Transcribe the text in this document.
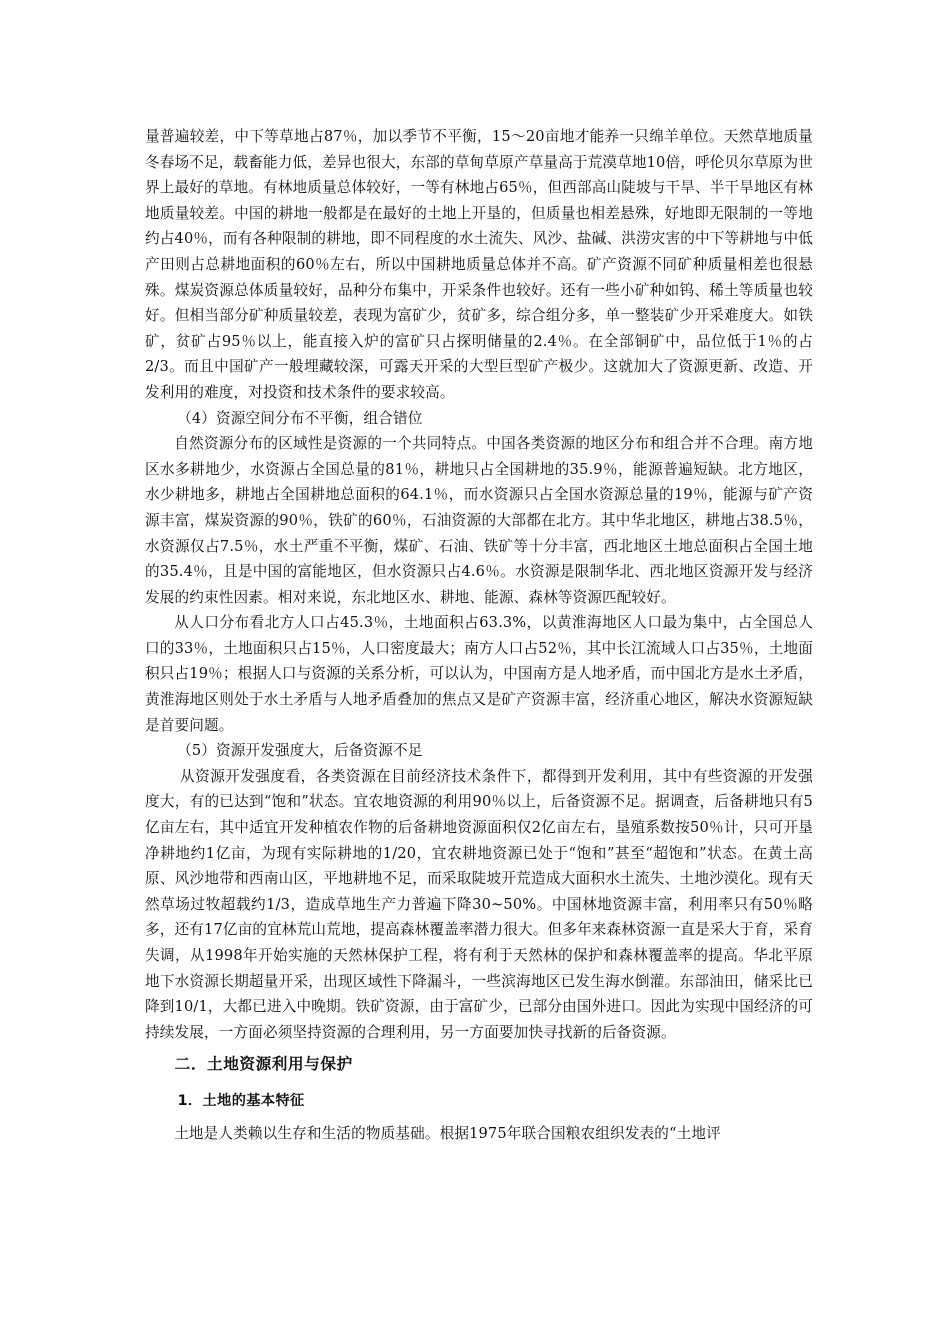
量普遍较差，中下等草地占87％，加以季节不平衡，15～20亩地才能养一只绵羊单位。天然草地质量冬春场不足，载畜能力低，差异也很大，东部的草甸草原产草量高于荒漠草地10倍，呼伦贝尔草原为世界上最好的草地。有林地质量总体较好，一等有林地占65％，但西部高山陡坡与干旱、半干旱地区有林地质量较差。中国的耕地一般都是在最好的土地上开垦的，但质量也相差悬殊，好地即无限制的一等地约占40％，而有各种限制的耕地，即不同程度的水土流失、风沙、盐碱、洪涝灾害的中下等耕地与中低产田则占总耕地面积的60％左右，所以中国耕地质量总体并不高。矿产资源不同矿种质量相差也很悬殊。煤炭资源总体质量较好，品种分布集中，开采条件也较好。还有一些小矿种如钨、稀土等质量也较好。但相当部分矿种质量较差，表现为富矿少，贫矿多，综合组分多，单一整装矿少开采难度大。如铁矿，贫矿占95％以上，能直接入炉的富矿只占探明储量的2.4％。在全部铜矿中，品位低于1％的占2/3。而且中国矿产一般埋藏较深，可露天开采的大型巨型矿产极少。这就加大了资源更新、改造、开发利用的难度，对投资和技术条件的要求较高。

（4）资源空间分布不平衡，组合错位

自然资源分布的区域性是资源的一个共同特点。中国各类资源的地区分布和组合并不合理。南方地区水多耕地少，水资源占全国总量的81％，耕地只占全国耕地的35.9％，能源普遍短缺。北方地区，水少耕地多，耕地占全国耕地总面积的64.1％，而水资源只占全国水资源总量的19％，能源与矿产资源丰富，煤炭资源的90％，铁矿的60％，石油资源的大部都在北方。其中华北地区，耕地占38.5％，水资源仅占7.5％，水土严重不平衡，煤矿、石油、铁矿等十分丰富，西北地区土地总面积占全国土地的35.4％，且是中国的富能地区，但水资源只占4.6％。水资源是限制华北、西北地区资源开发与经济发展的约束性因素。相对来说，东北地区水、耕地、能源、森林等资源匹配较好。

从人口分布看北方人口占45.3％，土地面积占63.3%，以黄淮海地区人口最为集中，占全国总人口的33％，土地面积只占15％，人口密度最大；南方人口占52％，其中长江流域人口占35％，土地面积只占19％；根据人口与资源的关系分析，可以认为，中国南方是人地矛盾，而中国北方是水土矛盾，黄淮海地区则处于水土矛盾与人地矛盾叠加的焦点又是矿产资源丰富，经济重心地区，解决水资源短缺是首要问题。

（5）资源开发强度大，后备资源不足

从资源开发强度看，各类资源在目前经济技术条件下，都得到开发利用，其中有些资源的开发强度大，有的已达到“饱和”状态。宜农地资源的利用90％以上，后备资源不足。据调查，后备耕地只有5亿亩左右，其中适宜开发种植农作物的后备耕地资源面积仅2亿亩左右，垦殖系数按50％计，只可开垦净耕地约1亿亩，为现有实际耕地的1/20，宜农耕地资源已处于“饱和”甚至“超饱和”状态。在黄土高原、风沙地带和西南山区，平地耕地不足，而采取陡坡开荒造成大面积水土流失、土地沙漠化。现有天然草场过牧超载约1/3，造成草地生产力普遍下降30~50%。中国林地资源丰富，利用率只有50％略多，还有17亿亩的宜林荒山荒地，提高森林覆盖率潜力很大。但多年来森林资源一直是采大于育，采育失调，从1998年开始实施的天然林保护工程，将有利于天然林的保护和森林覆盖率的提高。华北平原地下水资源长期超量开采，出现区域性下降漏斗，一些滨海地区已发生海水倒灌。东部油田，储采比已降到10/1，大都已进入中晚期。铁矿资源，由于富矿少，已部分由国外进口。因此为实现中国经济的可持续发展，一方面必须坚持资源的合理利用，另一方面要加快寻找新的后备资源。

二．土地资源利用与保护
1．土地的基本特征

土地是人类赖以生存和生活的物质基础。根据1975年联合国粮农组织发表的“土地评
